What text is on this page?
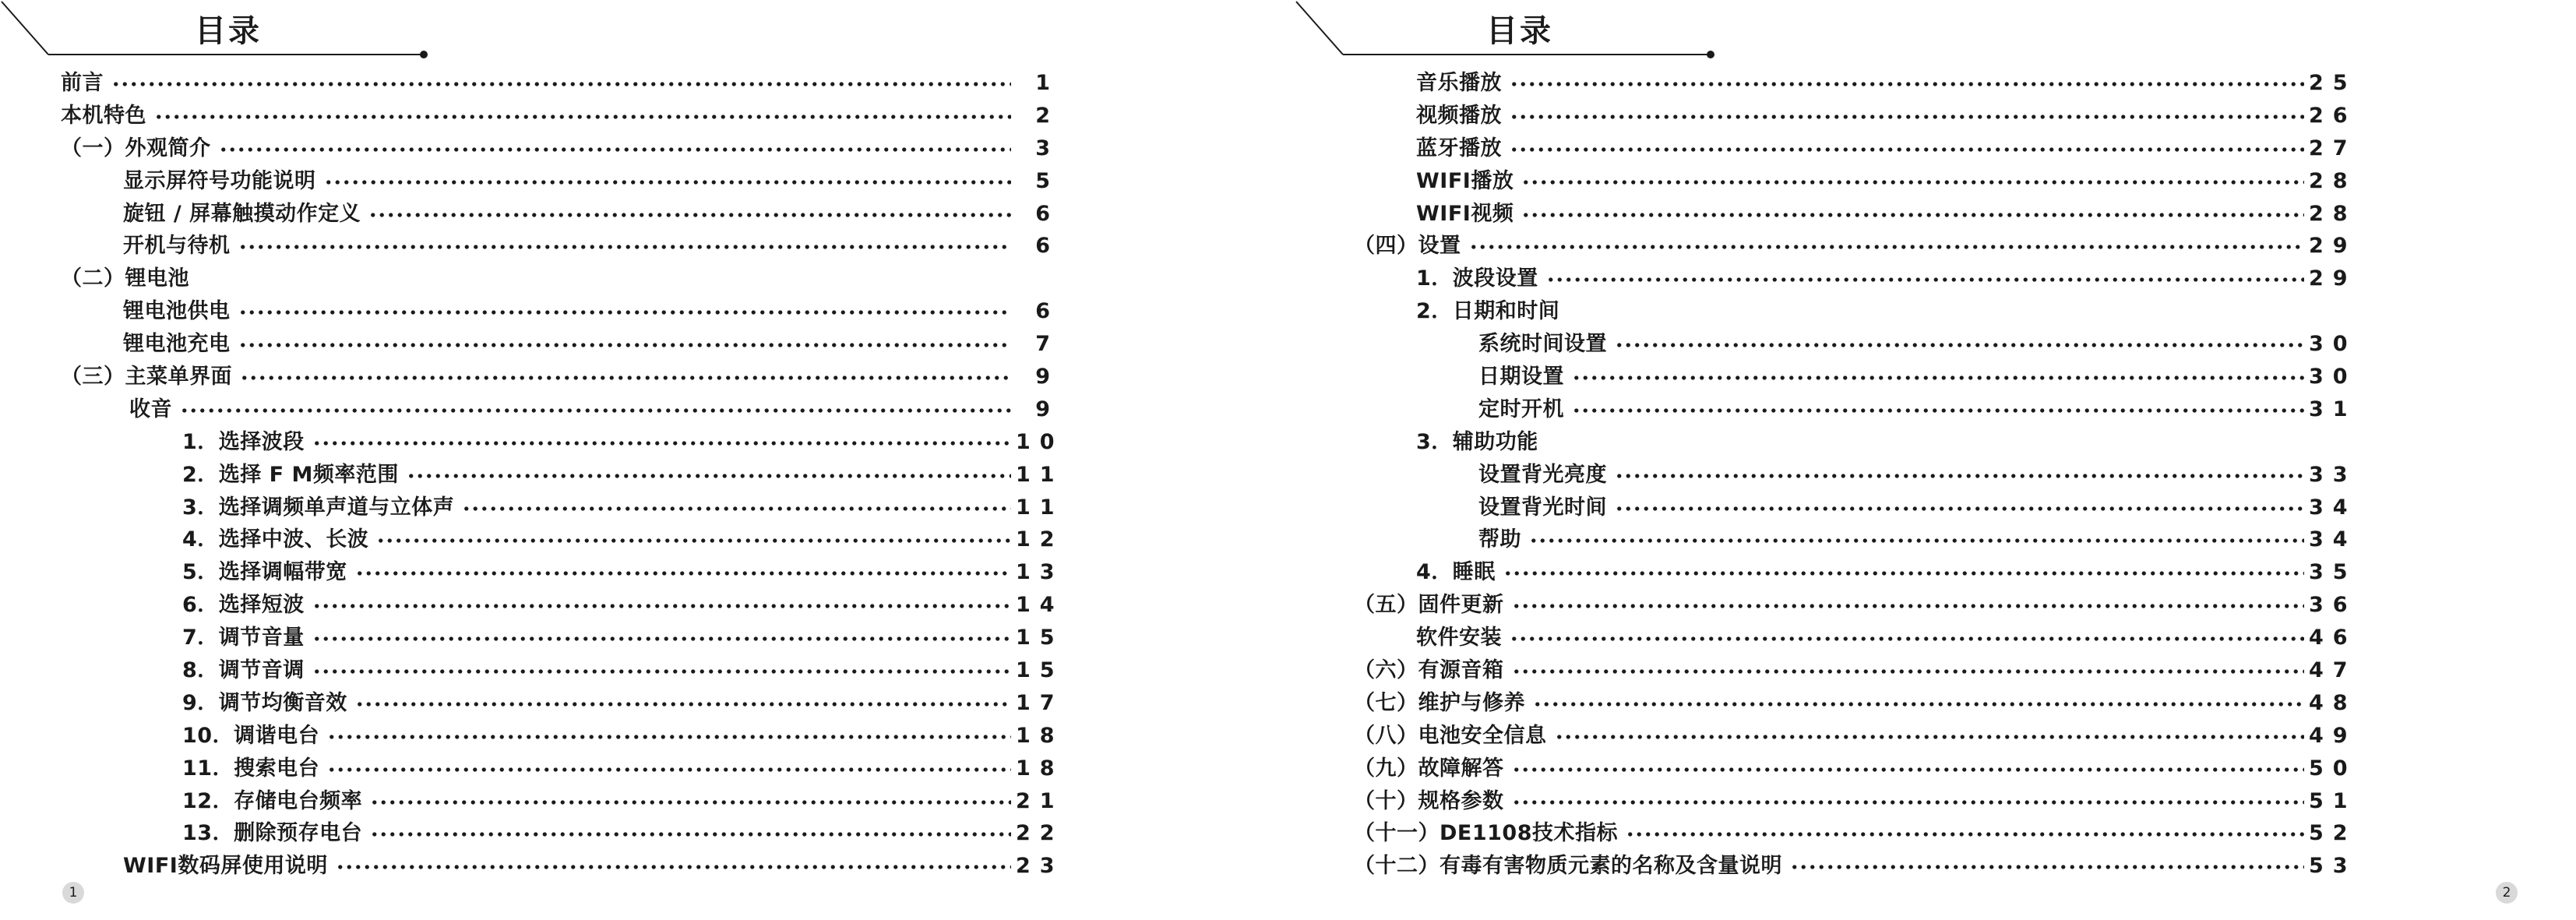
目录
前言	1
本机特色	2
（一）外观简介	3
显示屏符号功能说明	5
旋钮 / 屏幕触摸动作定义	6
开机与待机	6
（二）锂电池
锂电池供电	6
锂电池充电	7
（三）主菜单界面	9
收音	9
1．选择波段	10
2．选择 F M频率范围	11
3．选择调频单声道与立体声	11
4．选择中波、长波	12
5．选择调幅带宽	13
6．选择短波	14
7．调节音量	15
8．调节音调	15
9．调节均衡音效	17
10．调谐电台	18
11．搜索电台	18
12．存储电台频率	21
13．删除预存电台	22
WIFI数码屏使用说明	23
1
目录
音乐播放	25
视频播放	26
蓝牙播放	27
WIFI播放	28
WIFI视频	28
（四）设置	29
1．波段设置	29
2．日期和时间
系统时间设置	30
日期设置	30
定时开机	31
3．辅助功能
设置背光亮度	33
设置背光时间	34
帮助	34
4．睡眠	35
（五）固件更新	36
软件安装	46
（六）有源音箱	47
（七）维护与修养	48
（八）电池安全信息	49
（九）故障解答	50
（十）规格参数	51
（十一）DE1108技术指标	52
（十二）有毒有害物质元素的名称及含量说明	53
2
